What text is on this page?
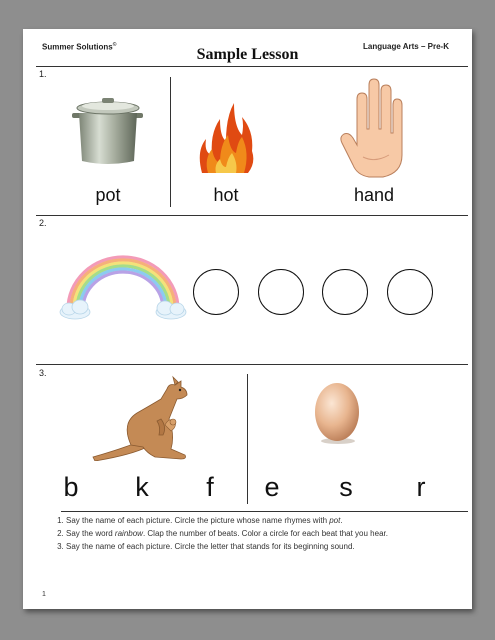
Summer Solutions©
Sample Lesson	Language Arts – Pre-K
1.
pot	hot	hand
2.
3.
b	k	f	e	s	r
1. Say the name of each picture. Circle the picture whose name rhymes with pot.
2. Say the word rainbow. Clap the number of beats. Color a circle for each beat that you hear.
3. Say the name of each picture. Circle the letter that stands for its beginning sound.
1
